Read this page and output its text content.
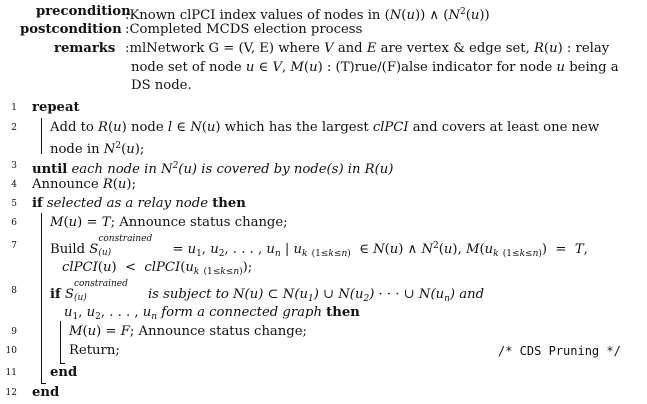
precondition
:Known clPCI index values of nodes in (N(u)) ∧ $(N^2(u))$
postcondition :Completed MCDS election process
remarks :mlNetwork G = (V, E) where V and E are vertex & edge set, R(u) : relay
node set of node u ∈ V, M(u) : (T)rue/(F)alse indicator for node u being a
DS node.
1
2
3
4
5
6
7
8
9
10
11
12
repeat
Add to R(u) node l ∈ N(u) which has the largest clPCI and covers at least one new
node in $N^2(u)$;
until each node in $N^2(u)$ is covered by node(s) in R(u)
Announce R(u);
if selected as a relay node then
M(u) = T; Announce status change;
Build S
constrained
(u)	= $u_1$, $u_2$, . . . , $u_n$ | $u_k$ $_{(1\le k\le n)}$  ∈ N(u) ∧ $N^2(u)$, $M(u_k$ $_{(1\le k\le n)}$)  =  T,
clPCI(u)  <  $clPCI(u_k$ $_{(1\le k\le n)}$);
if S
constrained
(u)	is subject to N(u) ⊂ $N(u_1)$ ∪ $N(u_2)$ · · · ∪ $N(u_n)$ and
$u_1$, $u_2$, . . . , $u_n$ form a connected graph then
M(u) = F; Announce status change;
Return;	/* CDS Pruning */
end
end
